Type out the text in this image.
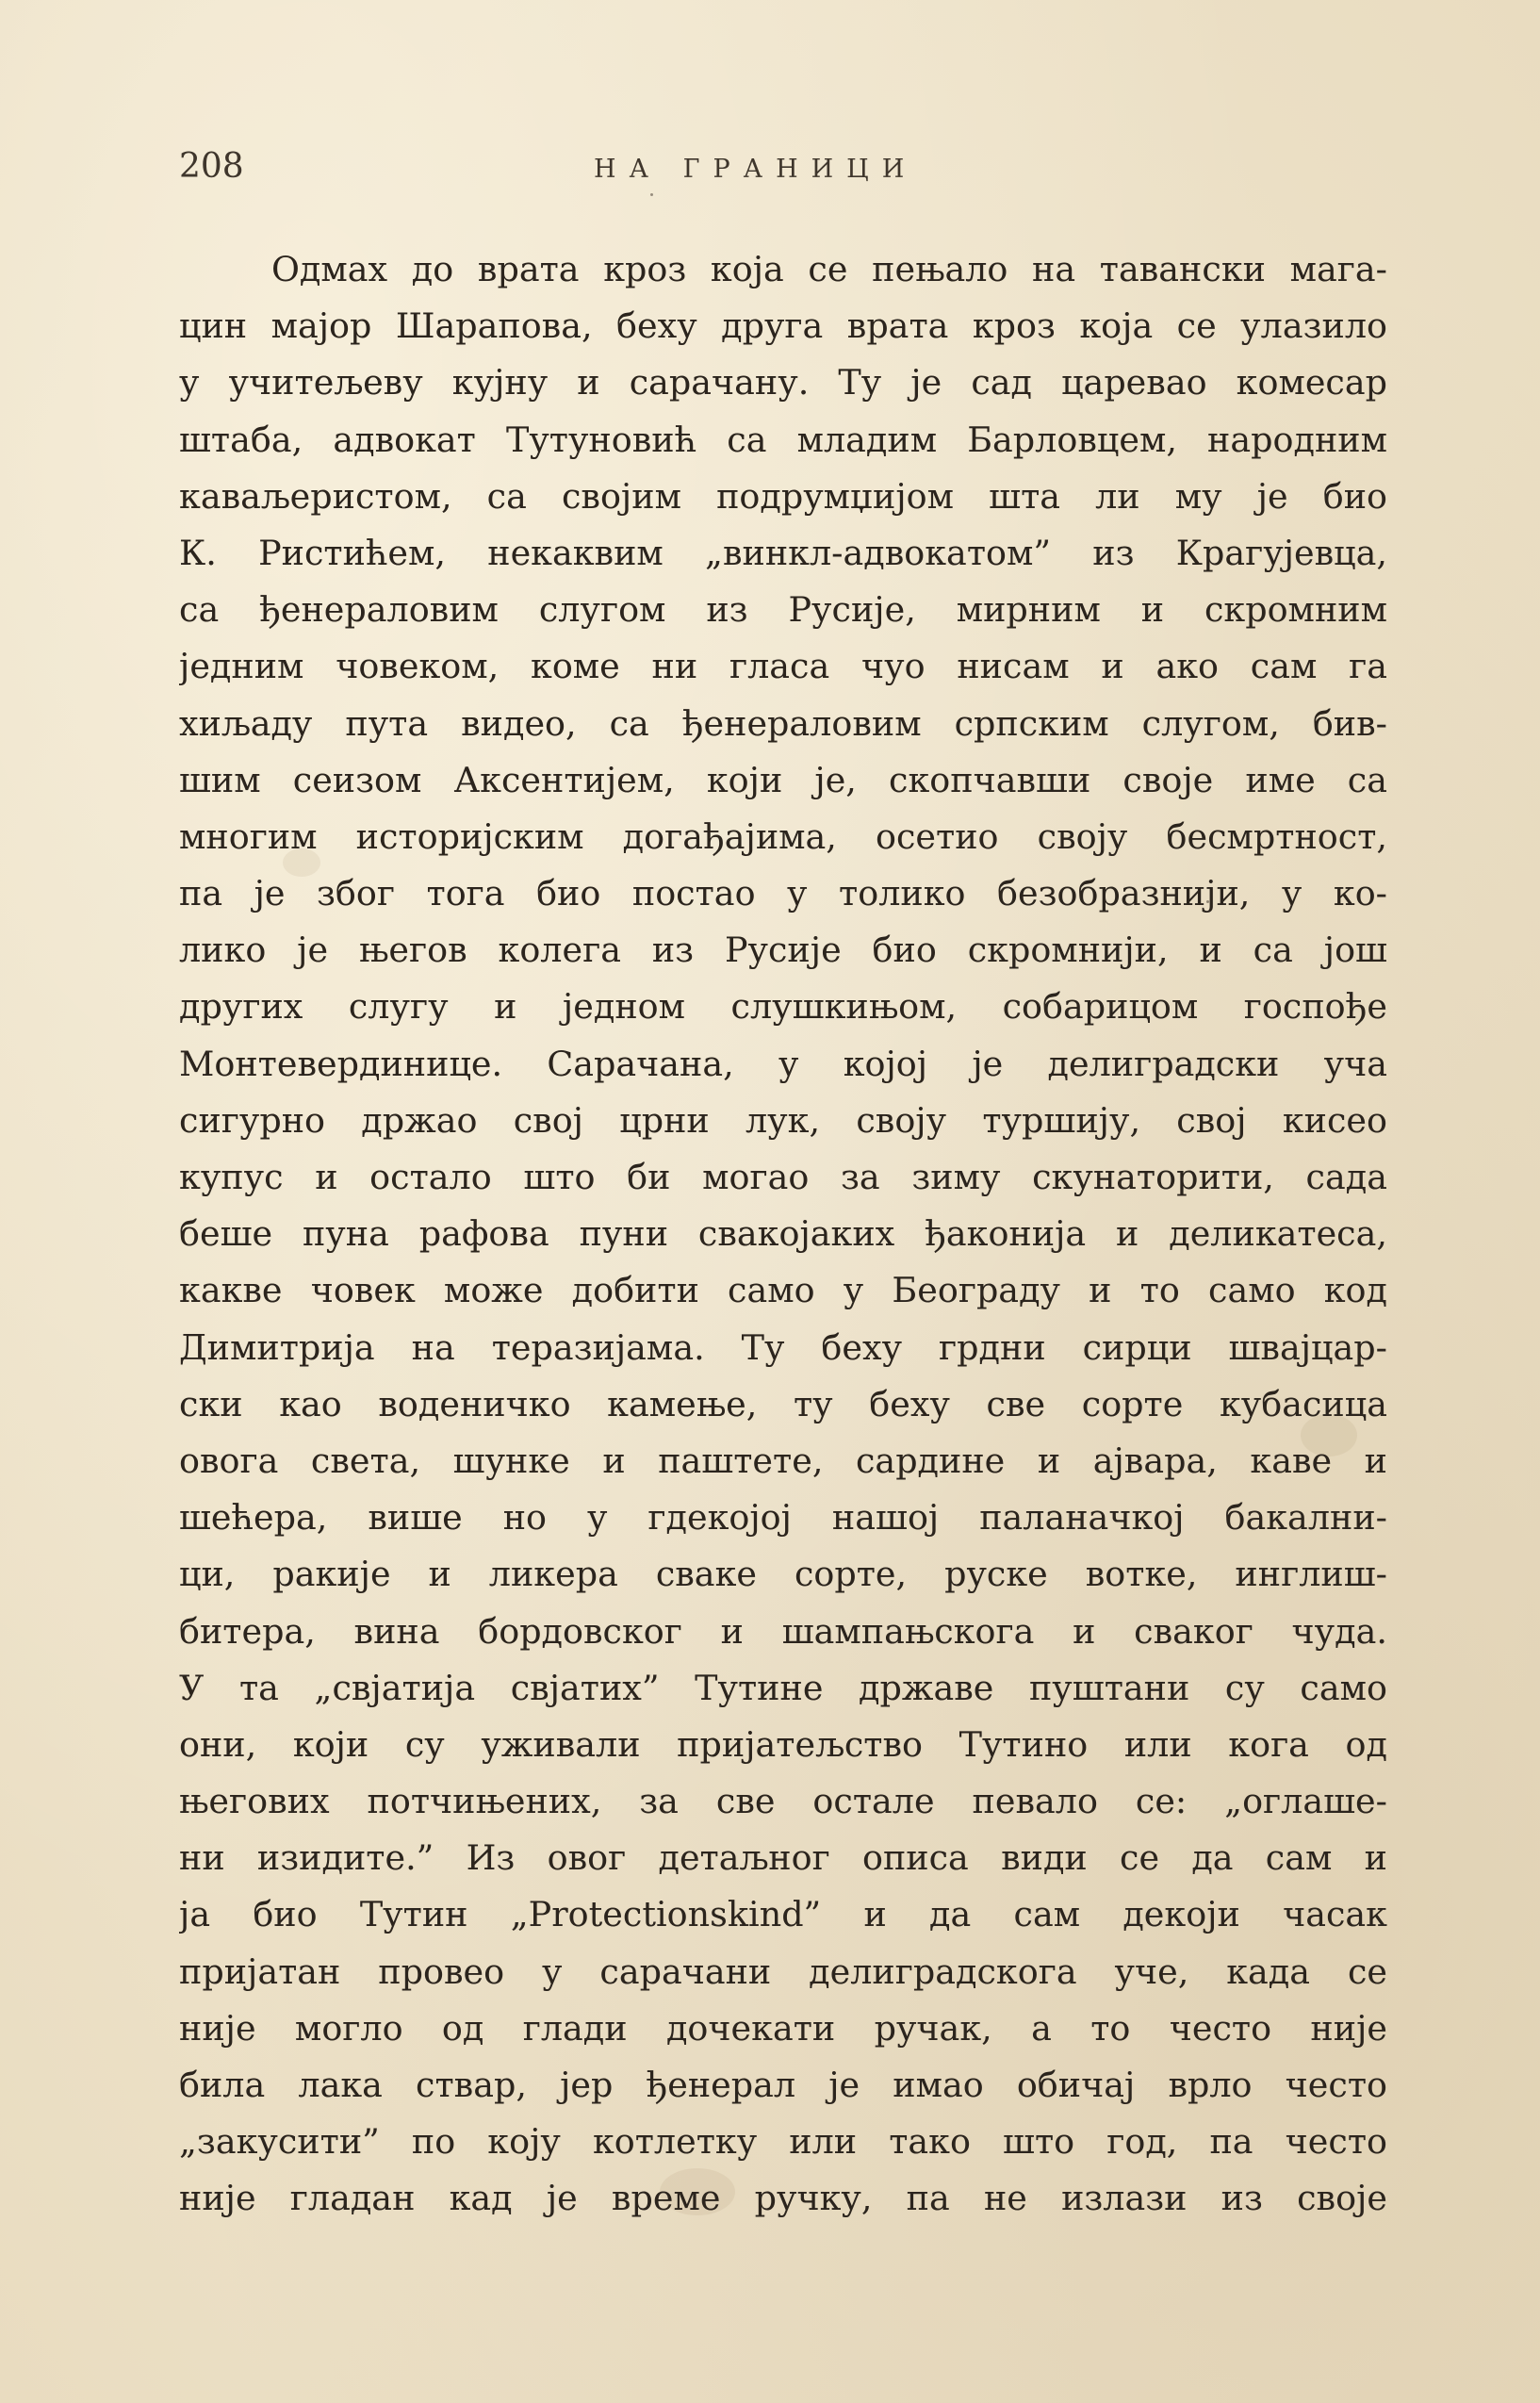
208	НА ГРАНИЦИ
Одмах до врата кроз која се пењало на тавански мага-
цин мајор Шарапова, беху друга врата кроз која се улазило
у учитељеву кујну и сарачану. Ту је сад царевао комесар
штаба, адвокат Тутуновић са младим Барловцем, народним
каваљеристом, са својим подрумџијом шта ли му је био
К. Ристићем, некаквим „винкл-адвокатом” из Крагујевца,
са ђенераловим слугом из Русије, мирним и скромним
једним човеком, коме ни гласа чуо нисам и ако сам га
хиљаду пута видео, са ђенераловим српским слугом, бив-
шим сеизом Аксентијем, који је, скопчавши своје име са
многим историјским догађајима, осетио своју бесмртност,
па је због тога био постао у толико безобразнији, у ко-
лико је његов колега из Русије био скромнији, и са још
других слугу и једном слушкињом, собарицом госпође
Монтевердинице. Сарачана, у којој је делиградски уча
сигурно држао свој црни лук, своју туршију, свој кисео
купус и остало што би могао за зиму скунаторити, сада
беше пуна рафова пуни свакојаких ђаконија и деликатеса,
какве човек може добити само у Београду и то само код
Димитрија на теразијама. Ту беху грдни сирци швајцар-
ски као воденичко камење, ту беху све сорте кубасица
овога света, шунке и паштете, сардине и ајвара, каве и
шећера, више но у гдекојој нашој паланачкој бакални-
ци, ракије и ликера сваке сорте, руске вотке, инглиш-
битера, вина бордовског и шампањскога и сваког чуда.
У та „свјатија свјатих” Тутине државе пуштани су само
они, који су уживали пријатељство Тутино или кога од
његових потчињених, за све остале певало се: „оглаше-
ни изидите.” Из овог детаљног описа види се да сам и
ја био Тутин „Protectionskind” и да сам декоји часак
пријатан провео у сарачани делиградскога учe, када се
није могло од глади дочекати ручак, а то често није
била лака ствар, јер ђенерал је имао обичај врло често
„закусити” по коју котлетку или тако што год, па често
није гладан кад је време ручку, па не излази из своје
